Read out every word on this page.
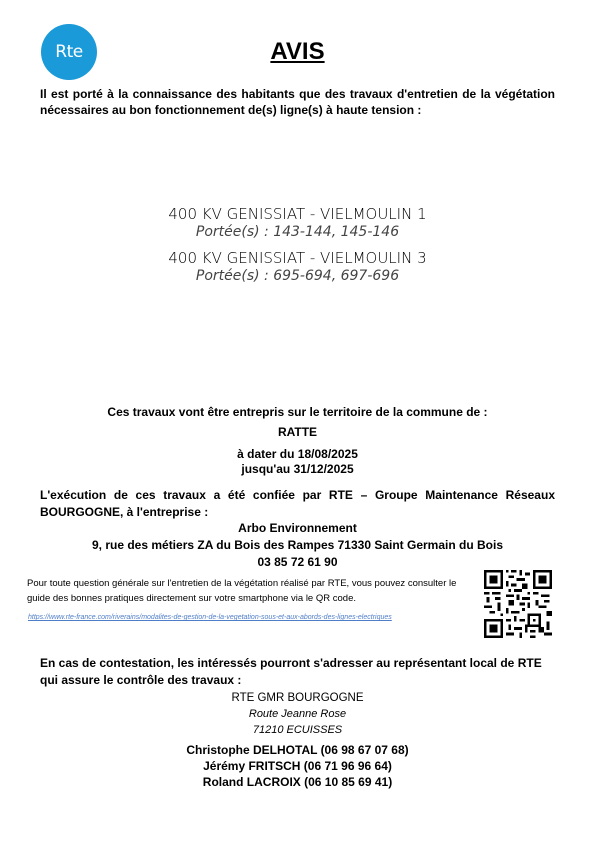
Rte	AVIS
Il est porté à la connaissance des habitants que des travaux d'entretien de la végétation nécessaires au bon fonctionnement de(s) ligne(s) à haute tension :
400 KV GENISSIAT - VIELMOULIN 1
Portée(s) : 143-144, 145-146
400 KV GENISSIAT - VIELMOULIN 3
Portée(s) : 695-694, 697-696
Ces travaux vont être entrepris sur le territoire de la commune de :
RATTE
à dater du 18/08/2025
jusqu'au 31/12/2025
L'exécution de ces travaux a été confiée par RTE – Groupe Maintenance Réseaux BOURGOGNE, à l'entreprise :
Arbo Environnement
9, rue des métiers ZA du Bois des Rampes 71330 Saint Germain du Bois
03 85 72 61 90
Pour toute question générale sur l'entretien de la végétation réalisé par RTE, vous pouvez consulter le guide des bonnes pratiques directement sur votre smartphone via le QR code.
https://www.rte-france.com/riverains/modalites-de-gestion-de-la-vegetation-sous-et-aux-abords-des-lignes-electriques
En cas de contestation, les intéressés pourront s'adresser au représentant local de RTE qui assure le contrôle des travaux :
RTE GMR BOURGOGNE
Route Jeanne Rose
71210 ECUISSES
Christophe DELHOTAL (06 98 67 07 68)
Jérémy FRITSCH (06 71 96 96 64)
Roland LACROIX (06 10 85 69 41)
